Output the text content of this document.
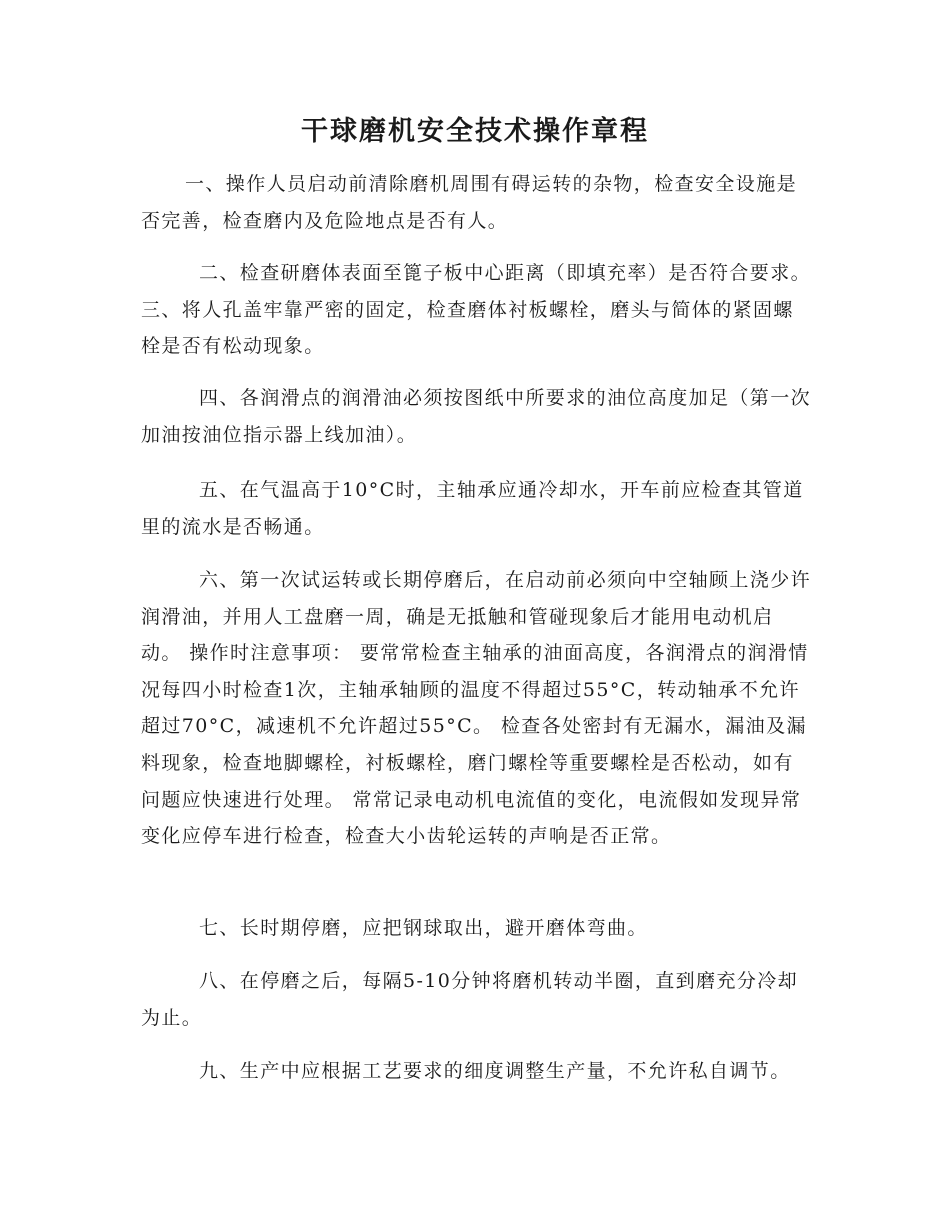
干球磨机安全技术操作章程

一、操作人员启动前清除磨机周围有碍运转的杂物，检查安全设施是否完善，检查磨内及危险地点是否有人。

二、检查研磨体表面至篦子板中心距离（即填充率）是否符合要求。 三、将人孔盖牢靠严密的固定，检查磨体衬板螺栓，磨头与简体的紧固螺栓是否有松动现象。

四、各润滑点的润滑油必须按图纸中所要求的油位高度加足（第一次加油按油位指示器上线加油）。

五、在气温高于10°C时，主轴承应通冷却水，开车前应检查其管道里的流水是否畅通。

六、第一次试运转或长期停磨后，在启动前必须向中空轴顾上浇少许润滑油，并用人工盘磨一周，确是无抵触和管碰现象后才能用电动机启动。 操作时注意事项： 要常常检查主轴承的油面高度，各润滑点的润滑情况每四小时检查1次，主轴承轴顾的温度不得超过55°C，转动轴承不允许超过70°C，减速机不允许超过55°C。 检查各处密封有无漏水，漏油及漏料现象，检查地脚螺栓，衬板螺栓，磨门螺栓等重要螺栓是否松动，如有问题应快速进行处理。 常常记录电动机电流值的变化，电流假如发现异常变化应停车进行检查，检查大小齿轮运转的声响是否正常。

七、长时期停磨，应把钢球取出，避开磨体弯曲。

八、在停磨之后，每隔5-10分钟将磨机转动半圈，直到磨充分冷却为止。

九、生产中应根据工艺要求的细度调整生产量，不允许私自调节。
